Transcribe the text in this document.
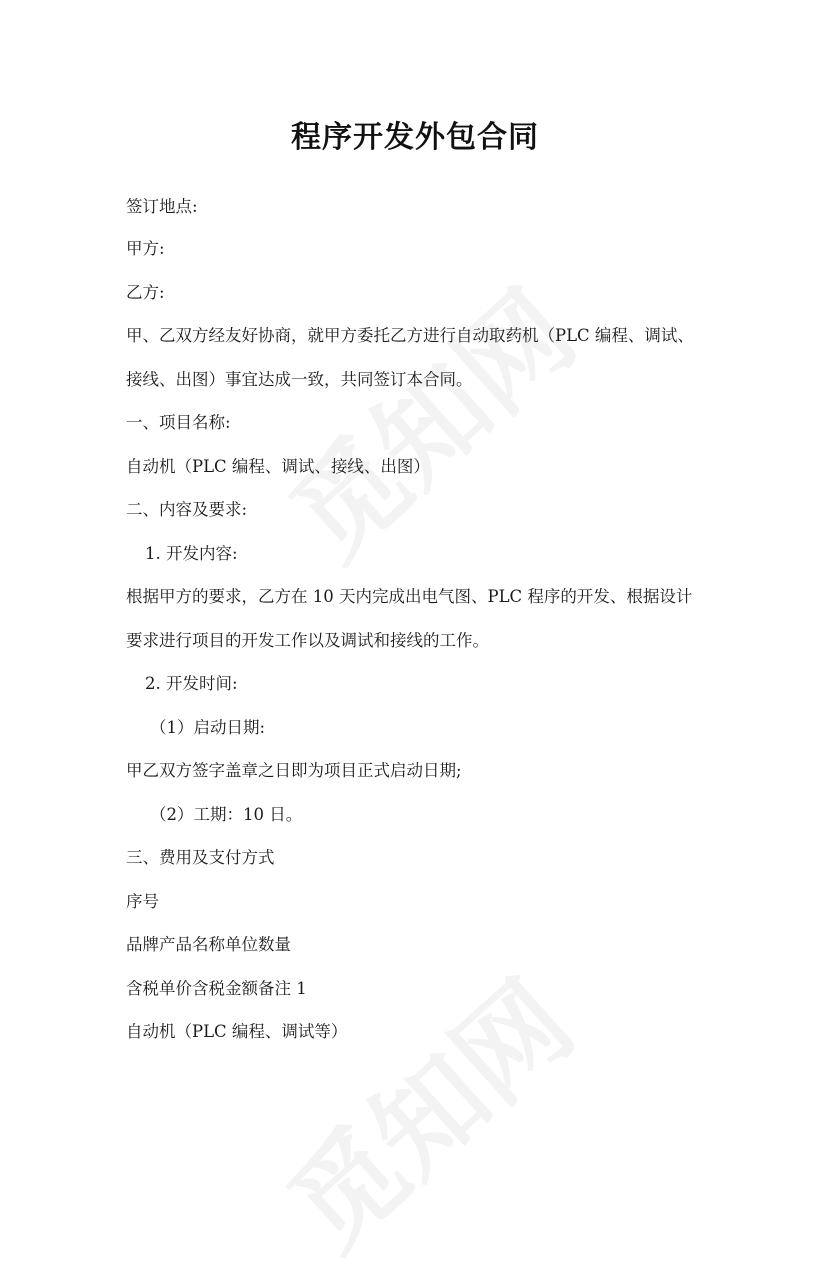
程序开发外包合同
签订地点:
甲方:
乙方:
甲、乙双方经友好协商，就甲方委托乙方进行自动取药机（PLC 编程、调试、
接线、出图）事宜达成一致，共同签订本合同。
一、项目名称:
自动机（PLC 编程、调试、接线、出图）
二、内容及要求:
1. 开发内容:
根据甲方的要求，乙方在 10 天内完成出电气图、PLC 程序的开发、根据设计
要求进行项目的开发工作以及调试和接线的工作。
2. 开发时间:
（1）启动日期:
甲乙双方签字盖章之日即为项目正式启动日期;
（2）工期：10 日。
三、费用及支付方式
序号
品牌产品名称单位数量
含税单价含税金额备注 1
自动机（PLC 编程、调试等）
